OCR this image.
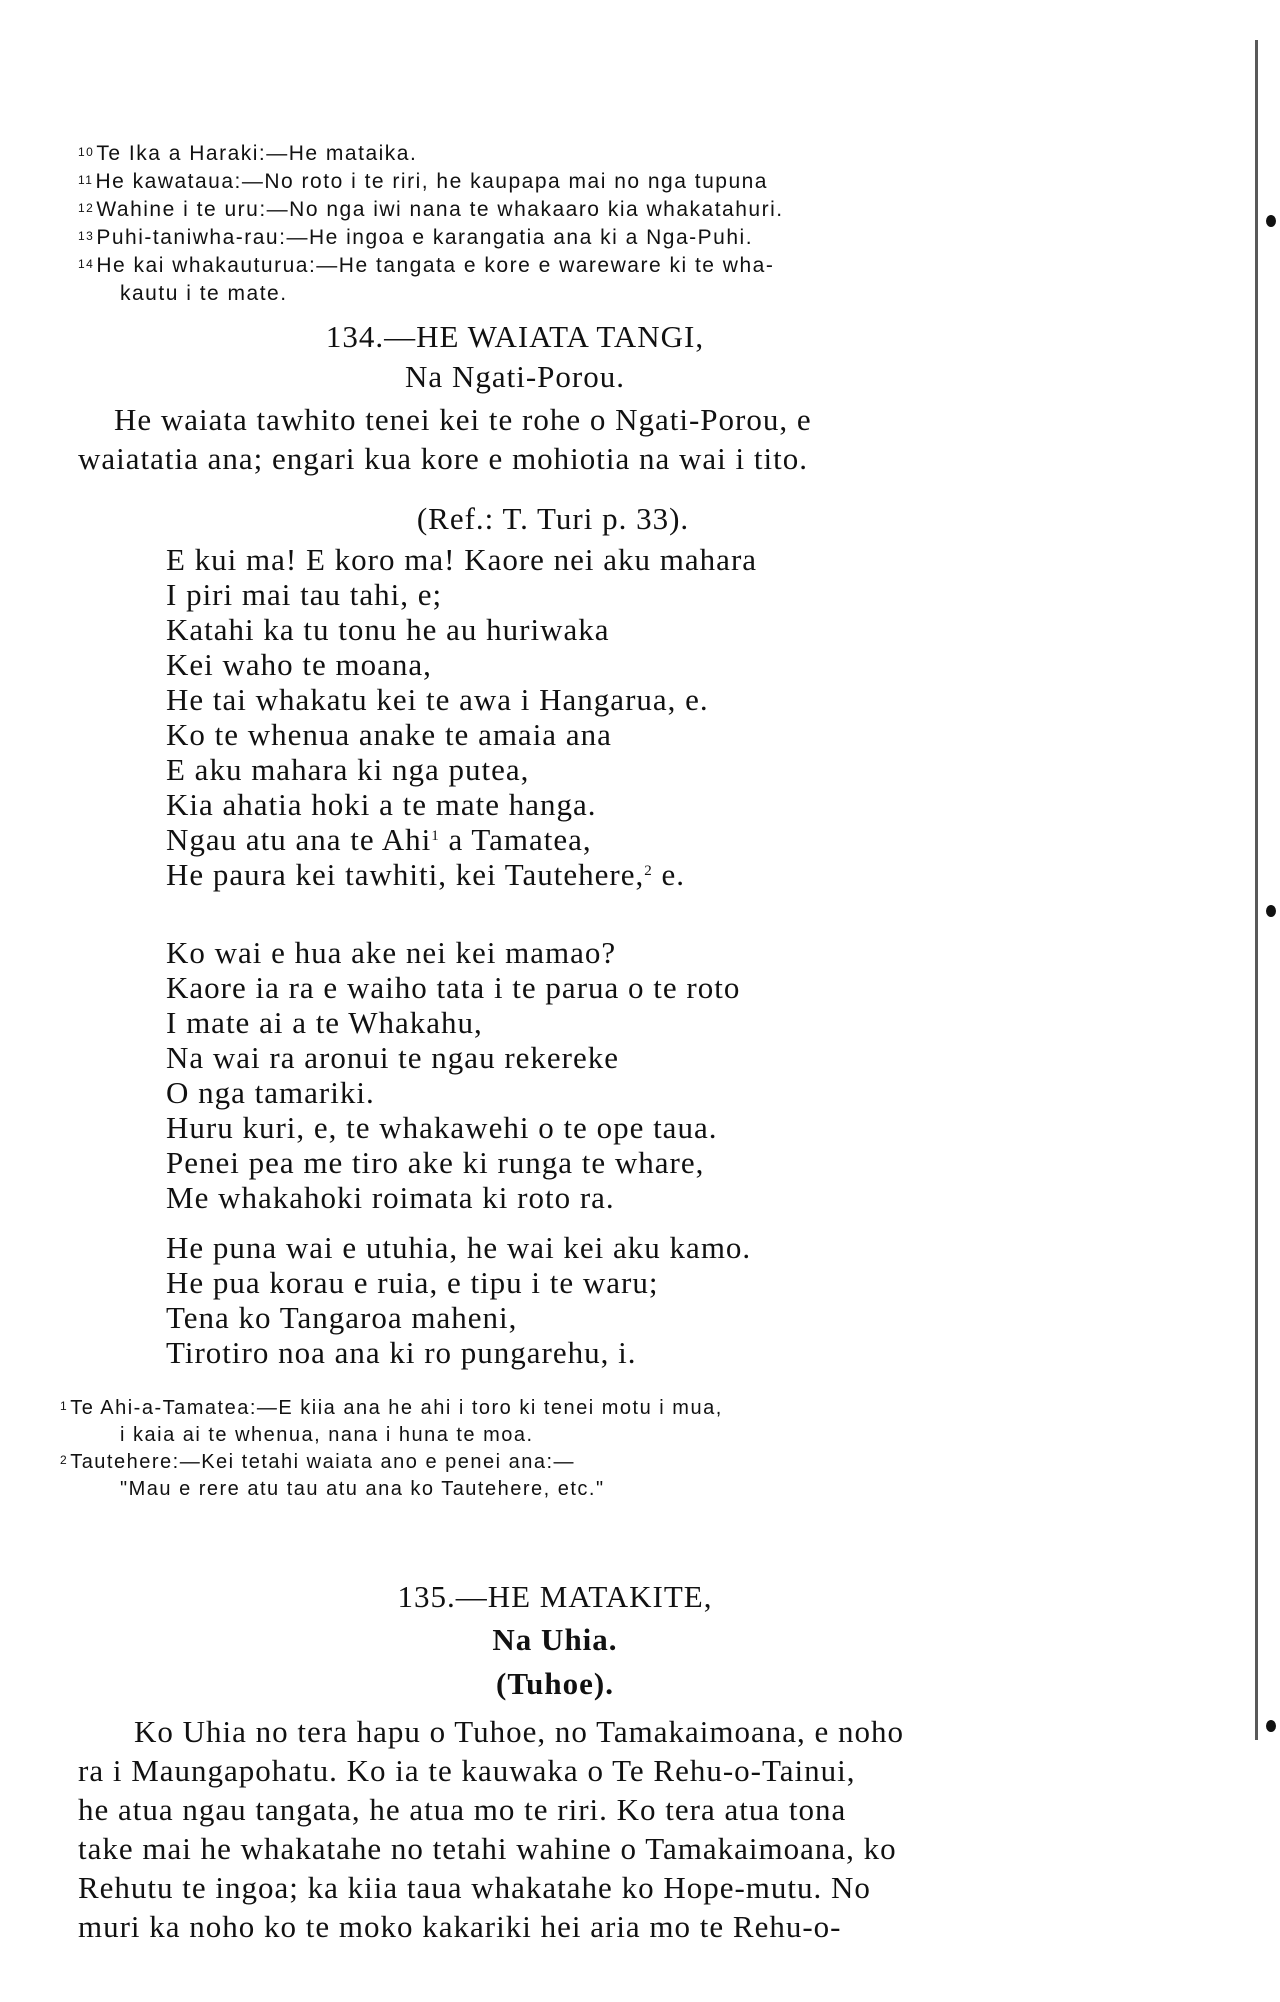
$^{10}$Te Ika a Haraki:—He mataika.
$^{11}$He kawataua:—No roto i te riri, he kaupapa mai no nga tupuna
$^{12}$Wahine i te uru:—No nga iwi nana te whakaaro kia whakatahuri.
$^{13}$Puhi-taniwha-rau:—He ingoa e karangatia ana ki a Nga-Puhi.
$^{14}$He kai whakauturua:—He tangata e kore e wareware ki te wha-
kautu i te mate.
134.—HE WAIATA TANGI,
Na Ngati-Porou.
He waiata tawhito tenei kei te rohe o Ngati-Porou, e
waiatatia ana; engari kua kore e mohiotia na wai i tito.
(Ref.: T. Turi p. 33).
E kui ma! E koro ma! Kaore nei aku mahara
I piri mai tau tahi, e;
Katahi ka tu tonu he au huriwaka
Kei waho te moana,
He tai whakatu kei te awa i Hangarua, e.
Ko te whenua anake te amaia ana
E aku mahara ki nga putea,
Kia ahatia hoki a te mate hanga.
Ngau atu ana te Ahi$^1$ a Tamatea,
He paura kei tawhiti, kei Tautehere,$^2$ e.
Ko wai e hua ake nei kei mamao?
Kaore ia ra e waiho tata i te parua o te roto
I mate ai a te Whakahu,
Na wai ra aronui te ngau rekereke
O nga tamariki.
Huru kuri, e, te whakawehi o te ope taua.
Penei pea me tiro ake ki runga te whare,
Me whakahoki roimata ki roto ra.
He puna wai e utuhia, he wai kei aku kamo.
He pua korau e ruia, e tipu i te waru;
Tena ko Tangaroa maheni,
Tirotiro noa ana ki ro pungarehu, i.
$^1$ Te Ahi-a-Tamatea:—E kiia ana he ahi i toro ki tenei motu i mua,
i kaia ai te whenua, nana i huna te moa.
$^2$ Tautehere:—Kei tetahi waiata ano e penei ana:—
"Mau e rere atu tau atu ana ko Tautehere, etc."
135.—HE MATAKITE,
Na Uhia.
(Tuhoe).
Ko Uhia no tera hapu o Tuhoe, no Tamakaimoana, e noho
ra i Maungapohatu. Ko ia te kauwaka o Te Rehu-o-Tainui,
he atua ngau tangata, he atua mo te riri. Ko tera atua tona
take mai he whakatahe no tetahi wahine o Tamakaimoana, ko
Rehutu te ingoa; ka kiia taua whakatahe ko Hope-mutu. No
muri ka noho ko te moko kakariki hei aria mo te Rehu-o-
